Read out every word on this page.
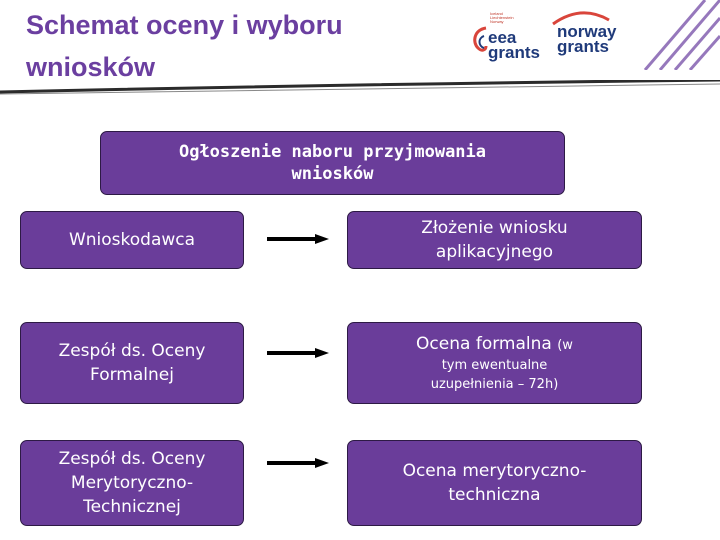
Schemat oceny i wyboru
wniosków
Iceland Liechtenstein Norway
eea
grants
norway
grants
Ogłoszenie naboru przyjmowania
wniosków
Wnioskodawca
Złożenie wniosku
aplikacyjnego
Zespół ds. Oceny
Formalnej
Ocena formalna (w
tym ewentualne
uzupełnienia – 72h)
Zespół ds. Oceny
Merytoryczno-
Technicznej
Ocena merytoryczno-
techniczna
